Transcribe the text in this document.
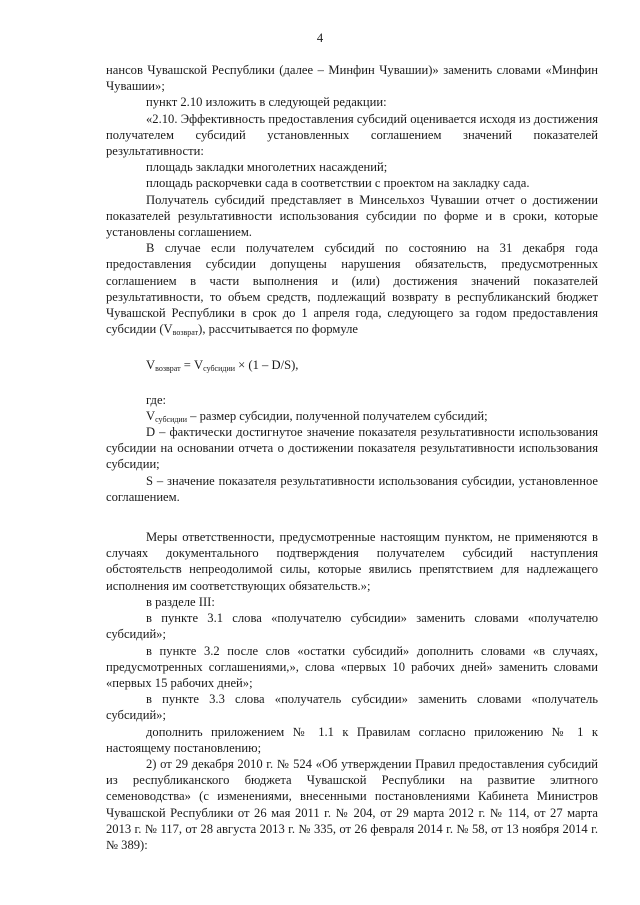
4

нансов Чувашской Республики (далее – Минфин Чувашии)» заменить словами «Минфин Чувашии»;

пункт 2.10 изложить в следующей редакции:

«2.10. Эффективность предоставления субсидий оценивается исходя из достижения получателем субсидий установленных соглашением значений показателей результативности:

площадь закладки многолетних насаждений;

площадь раскорчевки сада в соответствии с проектом на закладку сада.

Получатель субсидий представляет в Минсельхоз Чувашии отчет о достижении показателей результативности использования субсидии по форме и в сроки, которые установлены соглашением.

В случае если получателем субсидий по состоянию на 31 декабря года предоставления субсидии допущены нарушения обязательств, предусмотренных соглашением в части выполнения и (или) достижения значений показателей результативности, то объем средств, подлежащий возврату в республиканский бюджет Чувашской Республики в срок до 1 апреля года, следующего за годом предоставления субсидии $(V_{возврат})$, рассчитывается по формуле

$V_{возврат} = V_{субсидии} \times (1 - D/S)$,

где:

$V_{субсидии}$ – размер субсидии, полученной получателем субсидий;

D – фактически достигнутое значение показателя результативности использования субсидии на основании отчета о достижении показателя результативности использования субсидии;

S – значение показателя результативности использования субсидии, установленное соглашением.

Меры ответственности, предусмотренные настоящим пунктом, не применяются в случаях документального подтверждения получателем субсидий наступления обстоятельств непреодолимой силы, которые явились препятствием для надлежащего исполнения им соответствующих обязательств.»;

в разделе III:

в пункте 3.1 слова «получателю субсидии» заменить словами «получателю субсидий»;

в пункте 3.2 после слов «остатки субсидий» дополнить словами «в случаях, предусмотренных соглашениями,», слова «первых 10 рабочих дней» заменить словами «первых 15 рабочих дней»;

в пункте 3.3 слова «получатель субсидии» заменить словами «получатель субсидий»;

дополнить приложением № 1.1 к Правилам согласно приложению № 1 к настоящему постановлению;

2) от 29 декабря 2010 г. № 524 «Об утверждении Правил предоставления субсидий из республиканского бюджета Чувашской Республики на развитие элитного семеноводства» (с изменениями, внесенными постановлениями Кабинета Министров Чувашской Республики от 26 мая 2011 г. № 204, от 29 марта 2012 г. № 114, от 27 марта 2013 г. № 117, от 28 августа 2013 г. № 335, от 26 февраля 2014 г. № 58, от 13 ноября 2014 г. № 389):
